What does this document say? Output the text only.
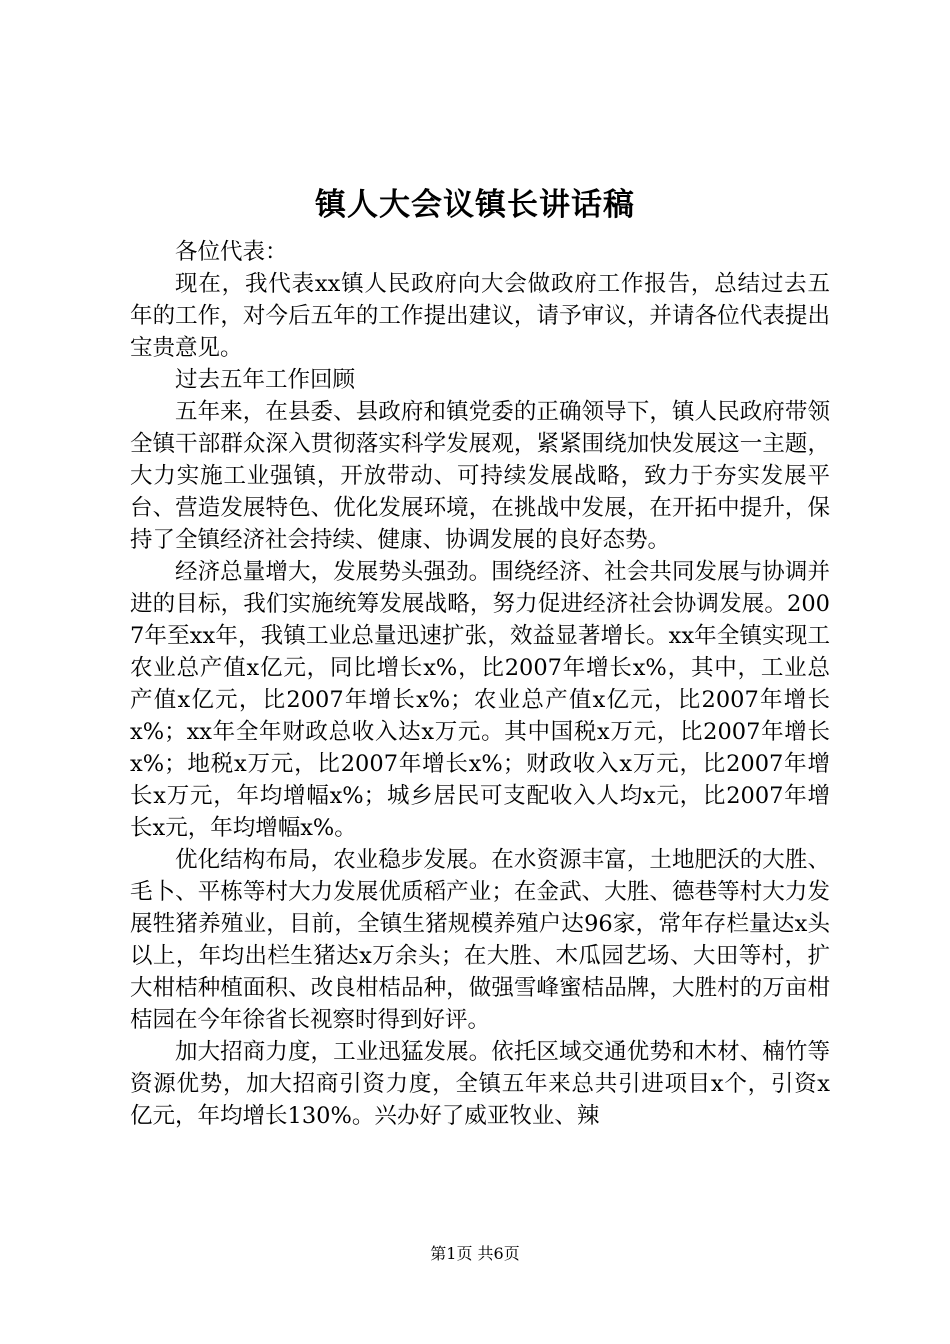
镇人大会议镇长讲话稿

各位代表：

现在，我代表xx镇人民政府向大会做政府工作报告，总结过去五年的工作，对今后五年的工作提出建议，请予审议，并请各位代表提出宝贵意见。

过去五年工作回顾

五年来，在县委、县政府和镇党委的正确领导下，镇人民政府带领全镇干部群众深入贯彻落实科学发展观，紧紧围绕加快发展这一主题，大力实施工业强镇，开放带动、可持续发展战略，致力于夯实发展平台、营造发展特色、优化发展环境，在挑战中发展，在开拓中提升，保持了全镇经济社会持续、健康、协调发展的良好态势。

经济总量增大，发展势头强劲。围绕经济、社会共同发展与协调并进的目标，我们实施统筹发展战略，努力促进经济社会协调发展。2007年至xx年，我镇工业总量迅速扩张，效益显著增长。xx年全镇实现工农业总产值x亿元，同比增长x%，比2007年增长x%，其中，工业总产值x亿元，比2007年增长x%；农业总产值x亿元，比2007年增长x%；xx年全年财政总收入达x万元。其中国税x万元，比2007年增长x%；地税x万元，比2007年增长x%；财政收入x万元，比2007年增长x万元，年均增幅x%；城乡居民可支配收入人均x元，比2007年增长x元，年均增幅x%。

优化结构布局，农业稳步发展。在水资源丰富，土地肥沃的大胜、毛卜、平栋等村大力发展优质稻产业；在金武、大胜、德巷等村大力发展牲猪养殖业，目前，全镇生猪规模养殖户达96家，常年存栏量达x头以上，年均出栏生猪达x万余头；在大胜、木瓜园艺场、大田等村，扩大柑桔种植面积、改良柑桔品种，做强雪峰蜜桔品牌，大胜村的万亩柑桔园在今年徐省长视察时得到好评。

加大招商力度，工业迅猛发展。依托区域交通优势和木材、楠竹等资源优势，加大招商引资力度，全镇五年来总共引进项目x个，引资x亿元，年均增长130%。兴办好了威亚牧业、辣

第1页 共6页
